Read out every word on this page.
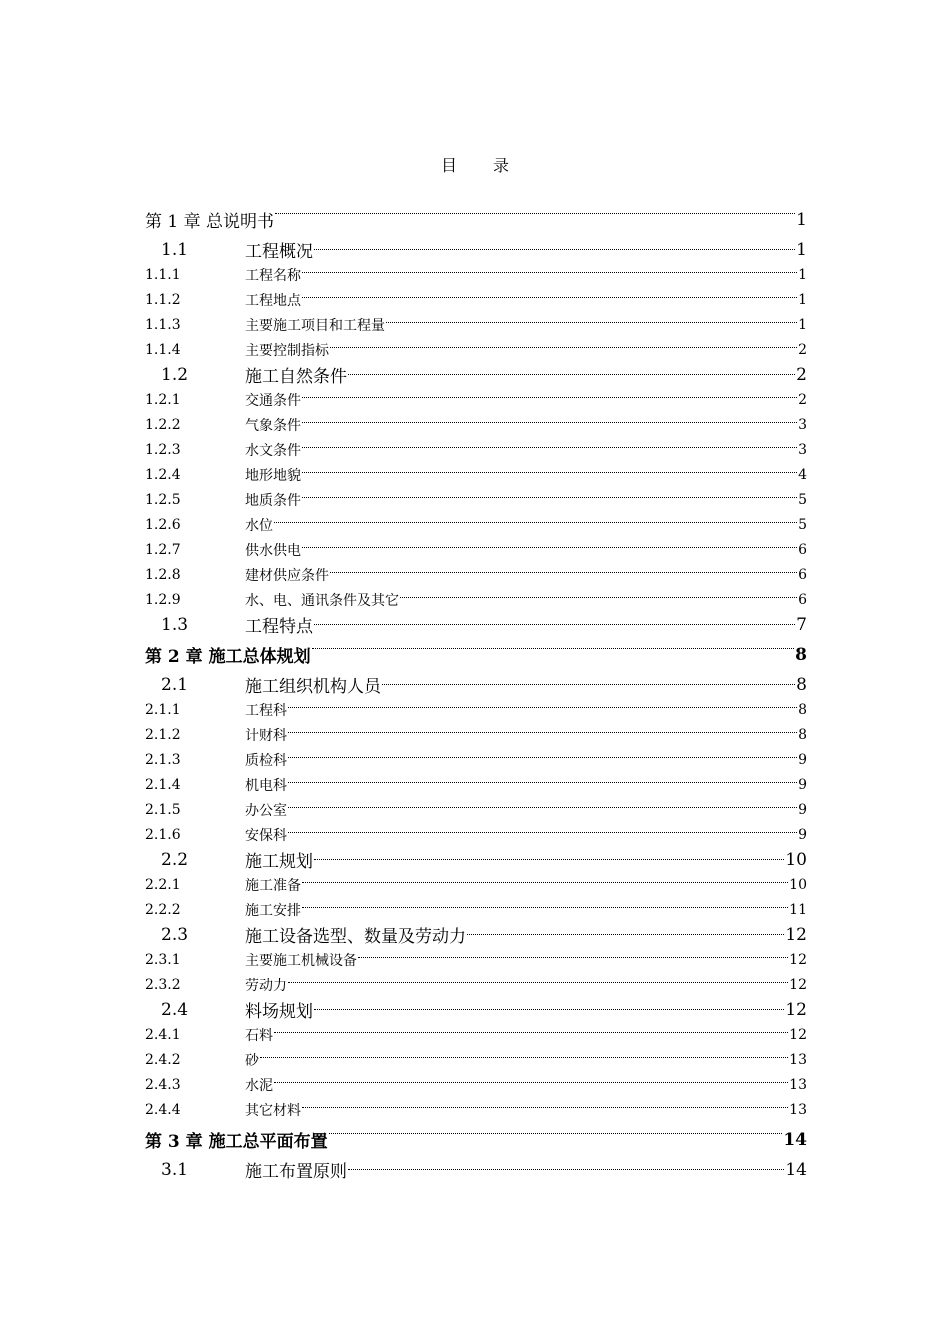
目 录
第 1 章 总说明书	1
1.1	工程概况	1
1.1.1	工程名称	1
1.1.2	工程地点	1
1.1.3	主要施工项目和工程量	1
1.1.4	主要控制指标	2
1.2	施工自然条件	2
1.2.1	交通条件	2
1.2.2	气象条件	3
1.2.3	水文条件	3
1.2.4	地形地貌	4
1.2.5	地质条件	5
1.2.6	水位	5
1.2.7	供水供电	6
1.2.8	建材供应条件	6
1.2.9	水、电、通讯条件及其它	6
1.3	工程特点	7
第 2 章 施工总体规划	8
2.1	施工组织机构人员	8
2.1.1	工程科	8
2.1.2	计财科	8
2.1.3	质检科	9
2.1.4	机电科	9
2.1.5	办公室	9
2.1.6	安保科	9
2.2	施工规划	10
2.2.1	施工准备	10
2.2.2	施工安排	11
2.3	施工设备选型、数量及劳动力	12
2.3.1	主要施工机械设备	12
2.3.2	劳动力	12
2.4	料场规划	12
2.4.1	石料	12
2.4.2	砂	13
2.4.3	水泥	13
2.4.4	其它材料	13
第 3 章 施工总平面布置	14
3.1	施工布置原则	14
